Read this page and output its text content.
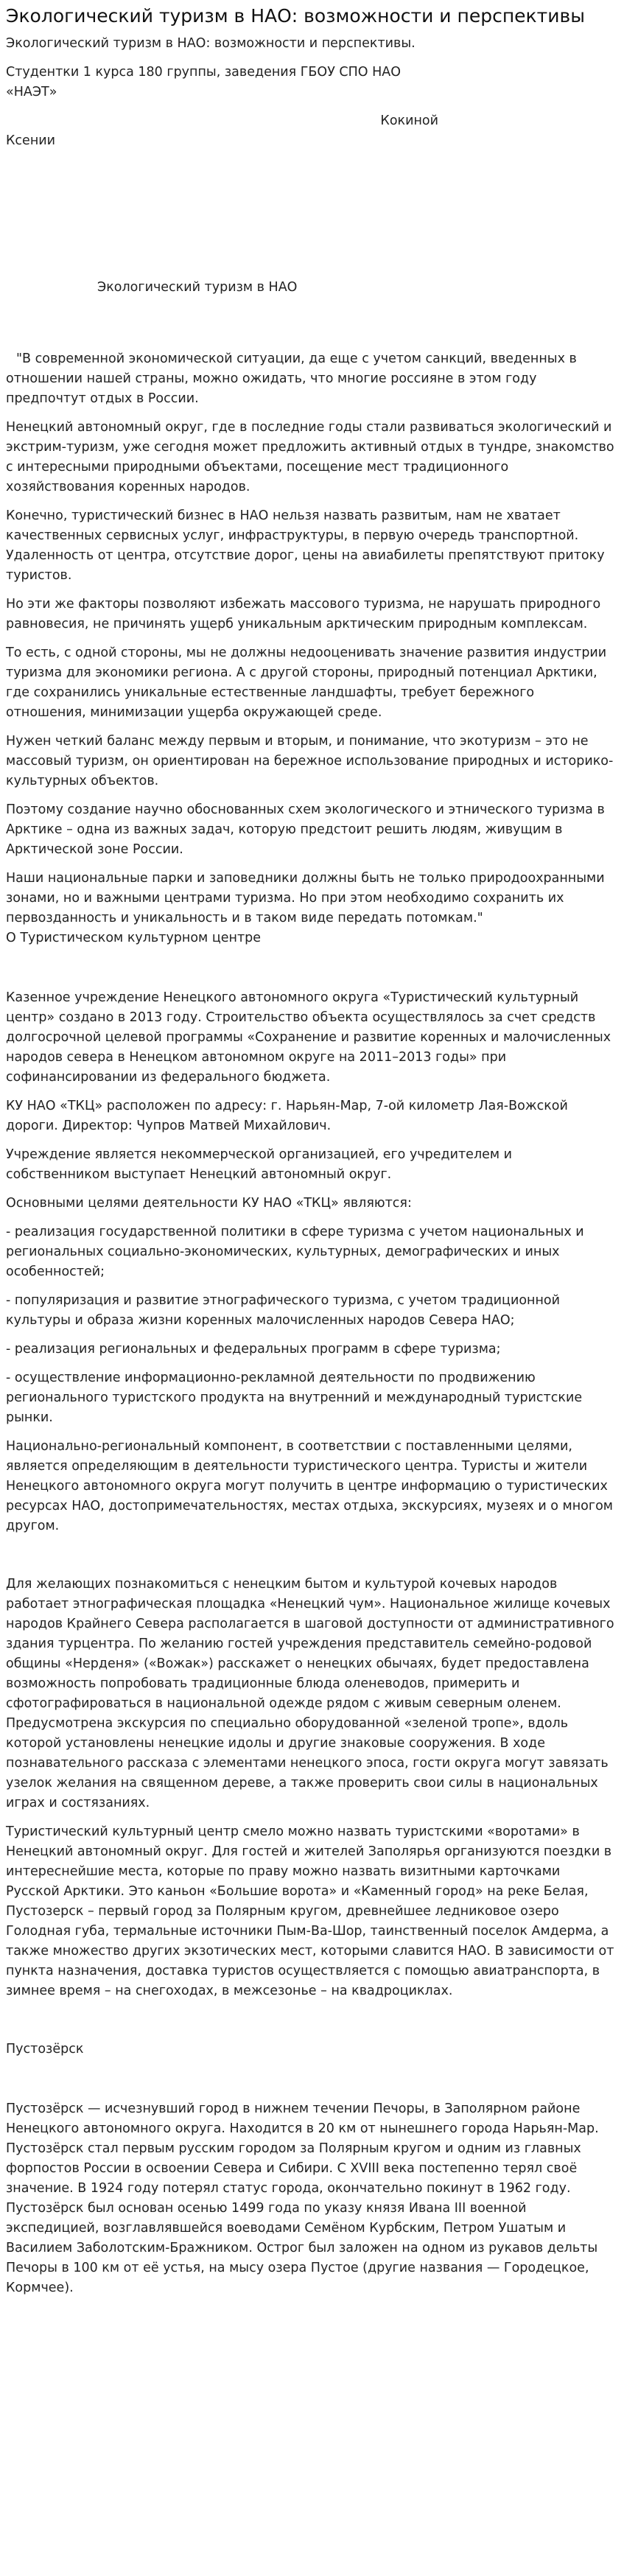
Экологический туризм в НАО: возможности и перспективы

Экологический туризм в НАО: возможности и перспективы.

Студентки 1 курса 180 группы, заведения ГБОУ СПО НАО

«НАЭТ»

Кокиной

Ксении

Экологический туризм в НАО

"В современной экономической ситуации, да еще с учетом санкций, введенных в отношении нашей страны, можно ожидать, что многие россияне в этом году предпочтут отдых в России.

Ненецкий автономный округ, где в последние годы стали развиваться экологический и экстрим-туризм, уже сегодня может предложить активный отдых в тундре, знакомство с интересными природными объектами, посещение мест традиционного хозяйствования коренных народов.

Конечно, туристический бизнес в НАО нельзя назвать развитым, нам не хватает качественных сервисных услуг, инфраструктуры, в первую очередь транспортной. Удаленность от центра, отсутствие дорог, цены на авиабилеты препятствуют притоку туристов.

Но эти же факторы позволяют избежать массового туризма, не нарушать природного равновесия, не причинять ущерб уникальным арктическим природным комплексам.

То есть, с одной стороны, мы не должны недооценивать значение развития индустрии туризма для экономики региона. А с другой стороны, природный потенциал Арктики, где сохранились уникальные естественные ландшафты, требует бережного отношения, минимизации ущерба окружающей среде.

Нужен четкий баланс между первым и вторым, и понимание, что экотуризм – это не массовый туризм, он ориентирован на бережное использование природных и историко-культурных объектов.

Поэтому создание научно обоснованных схем экологического и этнического туризма в Арктике – одна из важных задач, которую предстоит решить людям, живущим в Арктической зоне России.

Наши национальные парки и заповедники должны быть не только природоохранными зонами, но и важными центрами туризма. Но при этом необходимо сохранить их первозданность и уникальность и в таком виде передать потомкам."

О Туристическом культурном центре

Казенное учреждение Ненецкого автономного округа «Туристический культурный центр» создано в 2013 году. Строительство объекта осуществлялось за счет средств долгосрочной целевой программы «Сохранение и развитие коренных и малочисленных народов севера в Ненецком автономном округе на 2011–2013 годы» при софинансировании из федерального бюджета.

КУ НАО «ТКЦ» расположен по адресу: г. Нарьян-Мар, 7-ой километр Лая-Вожской дороги. Директор: Чупров Матвей Михайлович.

Учреждение является некоммерческой организацией, его учредителем и собственником выступает Ненецкий автономный округ.

Основными целями деятельности КУ НАО «ТКЦ» являются:

- реализация государственной политики в сфере туризма с учетом национальных и региональных социально-экономических, культурных, демографических и иных особенностей;

- популяризация и развитие этнографического туризма, с учетом традиционной культуры и образа жизни коренных малочисленных народов Севера НАО;

- реализация региональных и федеральных программ в сфере туризма;

- осуществление информационно-рекламной деятельности по продвижению регионального туристского продукта на внутренний и международный туристские рынки.

Национально-региональный компонент, в соответствии с поставленными целями, является определяющим в деятельности туристического центра. Туристы и жители Ненецкого автономного округа могут получить в центре информацию о туристических ресурсах НАО, достопримечательностях, местах отдыха, экскурсиях, музеях и о многом другом.

Для желающих познакомиться с ненецким бытом и культурой кочевых народов работает этнографическая площадка «Ненецкий чум». Национальное жилище кочевых народов Крайнего Севера располагается в шаговой доступности от административного здания турцентра. По желанию гостей учреждения представитель семейно-родовой общины «Нерденя» («Вожак») расскажет о ненецких обычаях, будет предоставлена возможность попробовать традиционные блюда оленеводов, примерить и сфотографироваться в национальной одежде рядом с живым северным оленем. Предусмотрена экскурсия по специально оборудованной «зеленой тропе», вдоль которой установлены ненецкие идолы и другие знаковые сооружения. В ходе познавательного рассказа с элементами ненецкого эпоса, гости округа могут завязать узелок желания на священном дереве, а также проверить свои силы в национальных играх и состязаниях.

Туристический культурный центр смело можно назвать туристскими «воротами» в Ненецкий автономный округ. Для гостей и жителей Заполярья организуются поездки в интереснейшие места, которые по праву можно назвать визитными карточками Русской Арктики. Это каньон «Большие ворота» и «Каменный город» на реке Белая, Пустозерск – первый город за Полярным кругом, древнейшее ледниковое озеро Голодная губа, термальные источники Пым-Ва-Шор, таинственный поселок Амдерма, а также множество других экзотических мест, которыми славится НАО. В зависимости от пункта назначения, доставка туристов осуществляется с помощью авиатранспорта, в зимнее время – на снегоходах, в межсезонье – на квадроциклах.

Пустозёрск

Пустозёрск — исчезнувший город в нижнем течении Печоры, в Заполярном районе Ненецкого автономного округа. Находится в 20 км от нынешнего города Нарьян-Мар. Пустозёрск стал первым русским городом за Полярным кругом и одним из главных форпостов России в освоении Севера и Сибири. С XVIII века постепенно терял своё значение. В 1924 году потерял статус города, окончательно покинут в 1962 году. Пустозёрск был основан осенью 1499 года по указу князя Ивана III военной экспедицией, возглавлявшейся воеводами Семёном Курбским, Петром Ушатым и Василием Заболотским-Бражником. Острог был заложен на одном из рукавов дельты Печоры в 100 км от её устья, на мысу озера Пустое (другие названия — Городецкое, Кормчее).
